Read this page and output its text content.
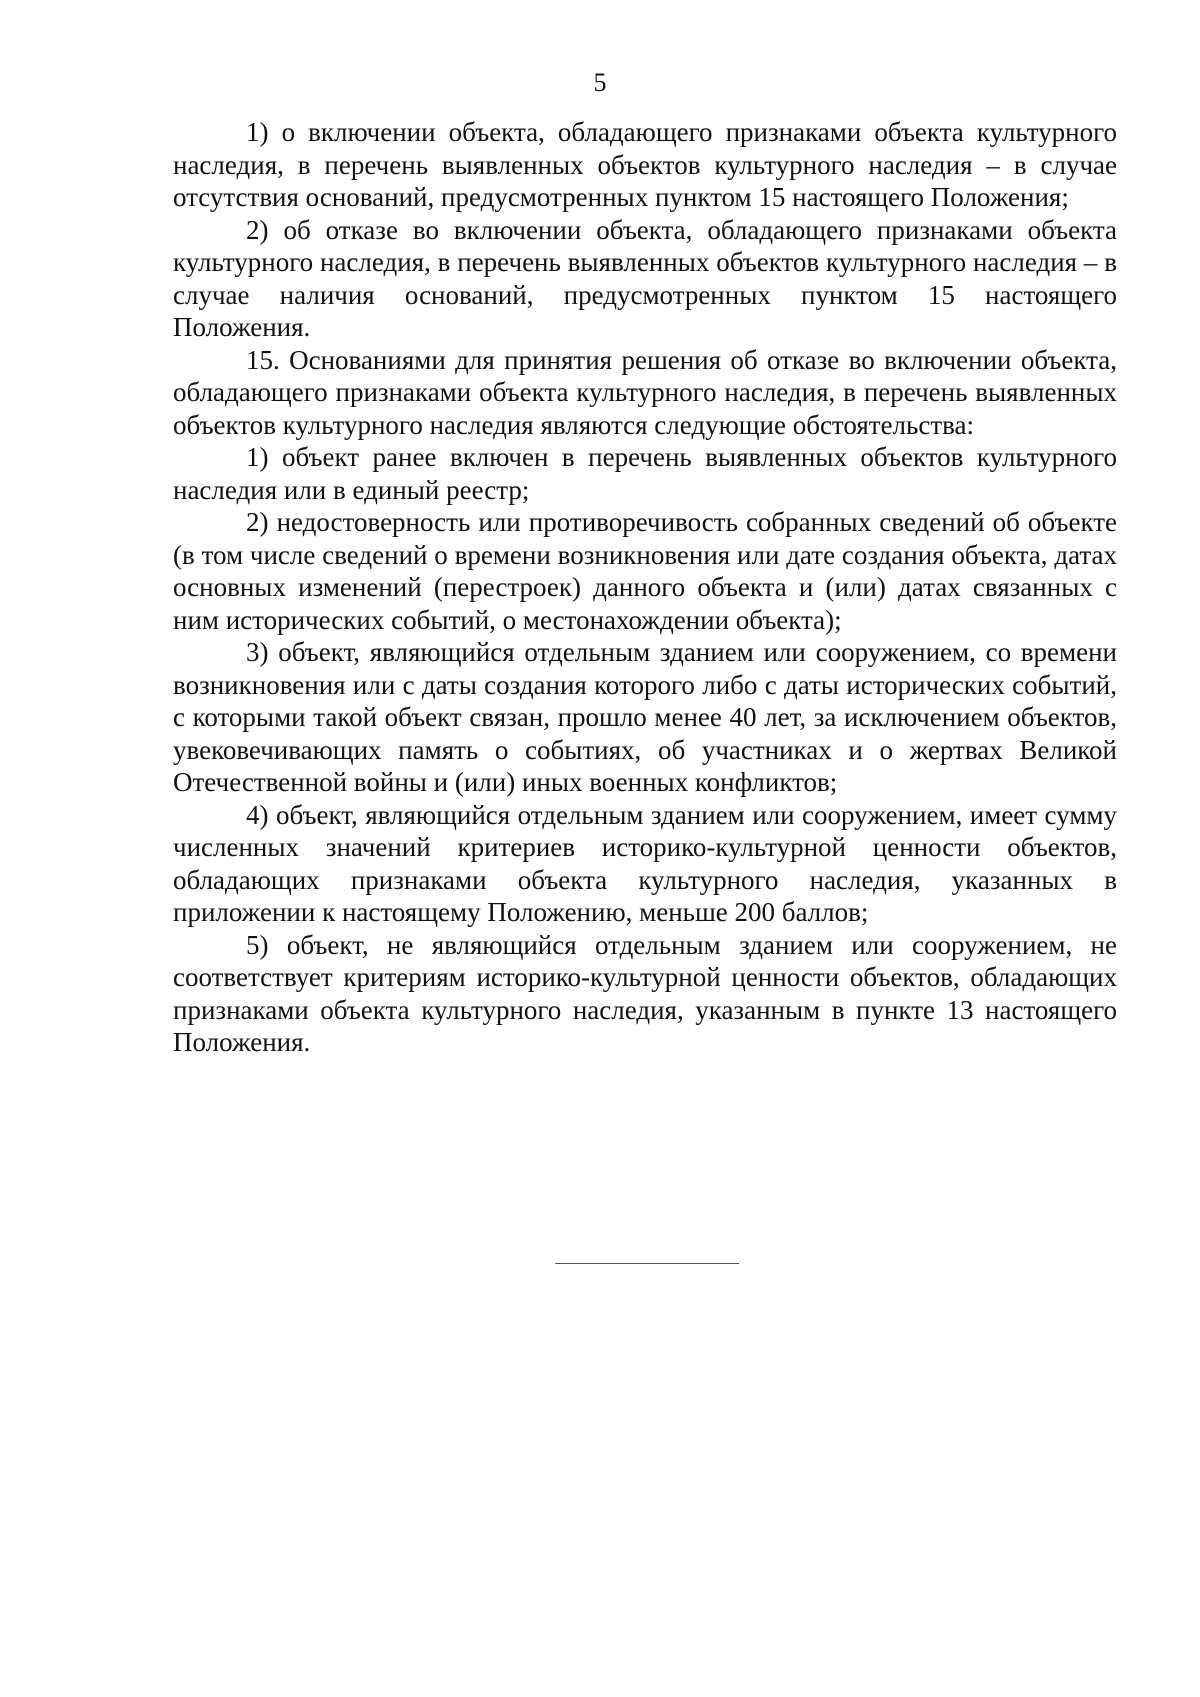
5

1) о включении объекта, обладающего признаками объекта культурного наследия, в перечень выявленных объектов культурного наследия – в случае отсутствия оснований, предусмотренных пунктом 15 настоящего Положения;

2) об отказе во включении объекта, обладающего признаками объекта культурного наследия, в перечень выявленных объектов культурного наследия – в случае наличия оснований, предусмотренных пунктом 15 настоящего Положения.

15. Основаниями для принятия решения об отказе во включении объекта, обладающего признаками объекта культурного наследия, в перечень выявленных объектов культурного наследия являются следующие обстоятельства:

1) объект ранее включен в перечень выявленных объектов культурного наследия или в единый реестр;

2) недостоверность или противоречивость собранных сведений об объекте (в том числе сведений о времени возникновения или дате создания объекта, датах основных изменений (перестроек) данного объекта и (или) датах связанных с ним исторических событий, о местонахождении объекта);

3) объект, являющийся отдельным зданием или сооружением, со времени возникновения или с даты создания которого либо с даты исторических событий, с которыми такой объект связан, прошло менее 40 лет, за исключением объектов, увековечивающих память о событиях, об участниках и о жертвах Великой Отечественной войны и (или) иных военных конфликтов;

4) объект, являющийся отдельным зданием или сооружением, имеет сумму численных значений критериев историко-культурной ценности объектов, обладающих признаками объекта культурного наследия, указанных в приложении к настоящему Положению, меньше 200 баллов;

5) объект, не являющийся отдельным зданием или сооружением, не соответствует критериям историко-культурной ценности объектов, обладающих признаками объекта культурного наследия, указанным в пункте 13 настоящего Положения.
